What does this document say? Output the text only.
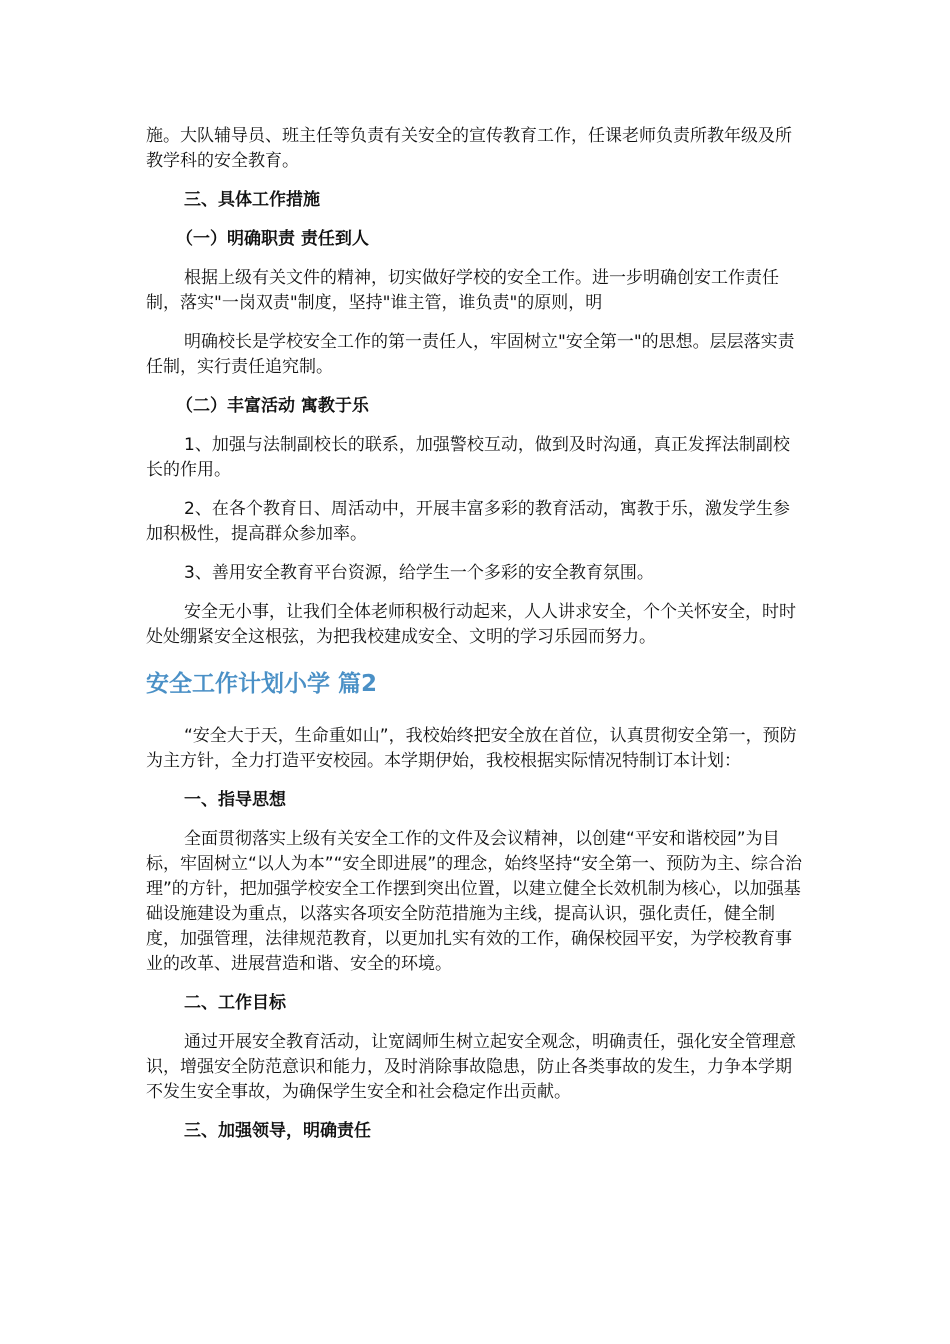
施。大队辅导员、班主任等负责有关安全的宣传教育工作，任课老师负责所教年级及所教学科的安全教育。

三、具体工作措施

（一）明确职责 责任到人

根据上级有关文件的精神，切实做好学校的安全工作。进一步明确创安工作责任制，落实"一岗双责"制度，坚持"谁主管，谁负责"的原则，明

明确校长是学校安全工作的第一责任人，牢固树立"安全第一"的思想。层层落实责任制，实行责任追究制。

（二）丰富活动 寓教于乐

1、加强与法制副校长的联系，加强警校互动，做到及时沟通，真正发挥法制副校长的作用。

2、在各个教育日、周活动中，开展丰富多彩的教育活动，寓教于乐，激发学生参加积极性，提高群众参加率。

3、善用安全教育平台资源，给学生一个多彩的安全教育氛围。

安全无小事，让我们全体老师积极行动起来，人人讲求安全，个个关怀安全，时时处处绷紧安全这根弦，为把我校建成安全、文明的学习乐园而努力。

安全工作计划小学 篇2

“安全大于天，生命重如山”，我校始终把安全放在首位，认真贯彻安全第一，预防为主方针，全力打造平安校园。本学期伊始，我校根据实际情况特制订本计划：

一、指导思想

全面贯彻落实上级有关安全工作的文件及会议精神，以创建“平安和谐校园”为目标，牢固树立“以人为本”“安全即进展”的理念，始终坚持“安全第一、预防为主、综合治理”的方针，把加强学校安全工作摆到突出位置，以建立健全长效机制为核心，以加强基础设施建设为重点，以落实各项安全防范措施为主线，提高认识，强化责任，健全制度，加强管理，法律规范教育，以更加扎实有效的工作，确保校园平安，为学校教育事业的改革、进展营造和谐、安全的环境。

二、工作目标

通过开展安全教育活动，让宽阔师生树立起安全观念，明确责任，强化安全管理意识，增强安全防范意识和能力，及时消除事故隐患，防止各类事故的发生，力争本学期不发生安全事故，为确保学生安全和社会稳定作出贡献。

三、加强领导，明确责任
